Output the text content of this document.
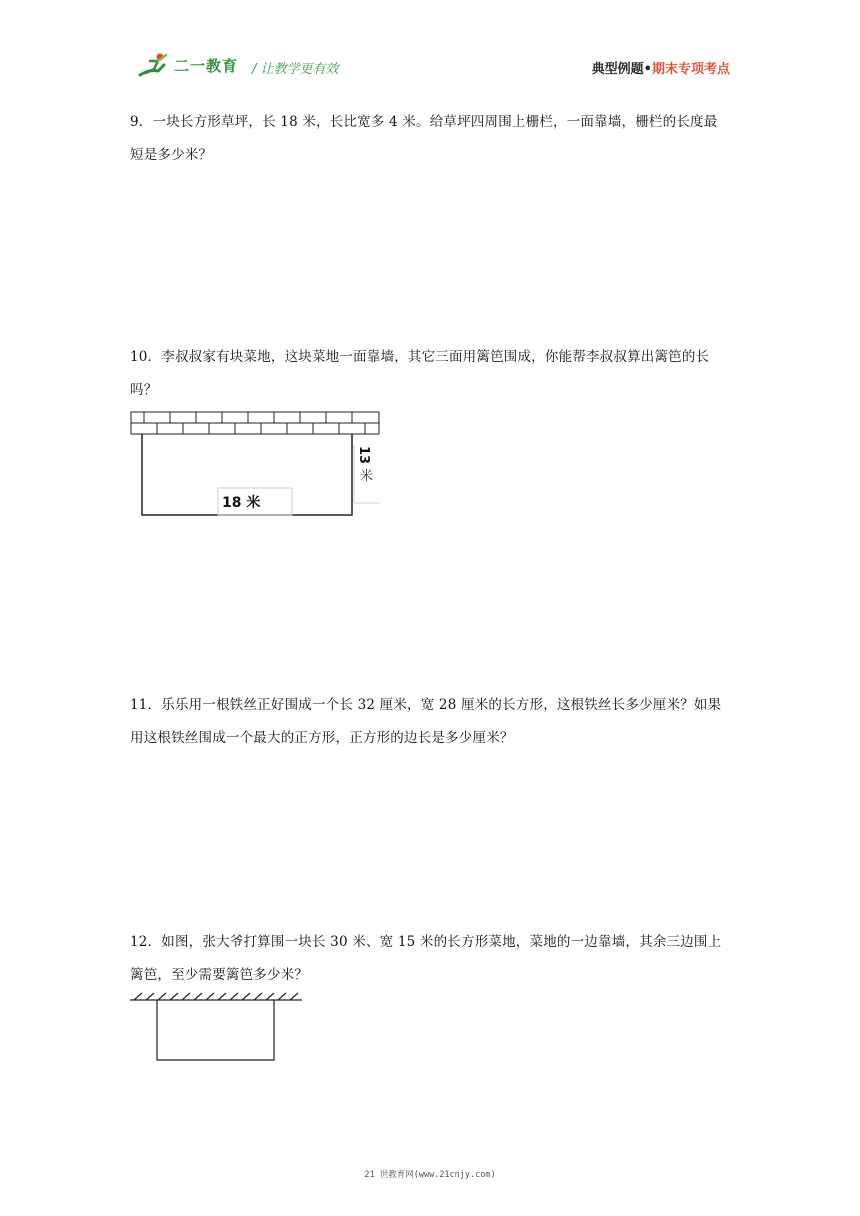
二一教育 / 让教学更有效	典型例题•期末专项考点
9．一块长方形草坪，长 18 米，长比宽多 4 米。给草坪四周围上栅栏，一面靠墙，栅栏的长度最短是多少米？
10．李叔叔家有块菜地，这块菜地一面靠墙，其它三面用篱笆围成，你能帮李叔叔算出篱笆的长吗？
18 米
13
米
11．乐乐用一根铁丝正好围成一个长 32 厘米，宽 28 厘米的长方形，这根铁丝长多少厘米？如果用这根铁丝围成一个最大的正方形，正方形的边长是多少厘米？
12．如图，张大爷打算围一块长 30 米、宽 15 米的长方形菜地，菜地的一边靠墙，其余三边围上篱笆，至少需要篱笆多少米？
21 世教育网(www.21cnjy.com)
